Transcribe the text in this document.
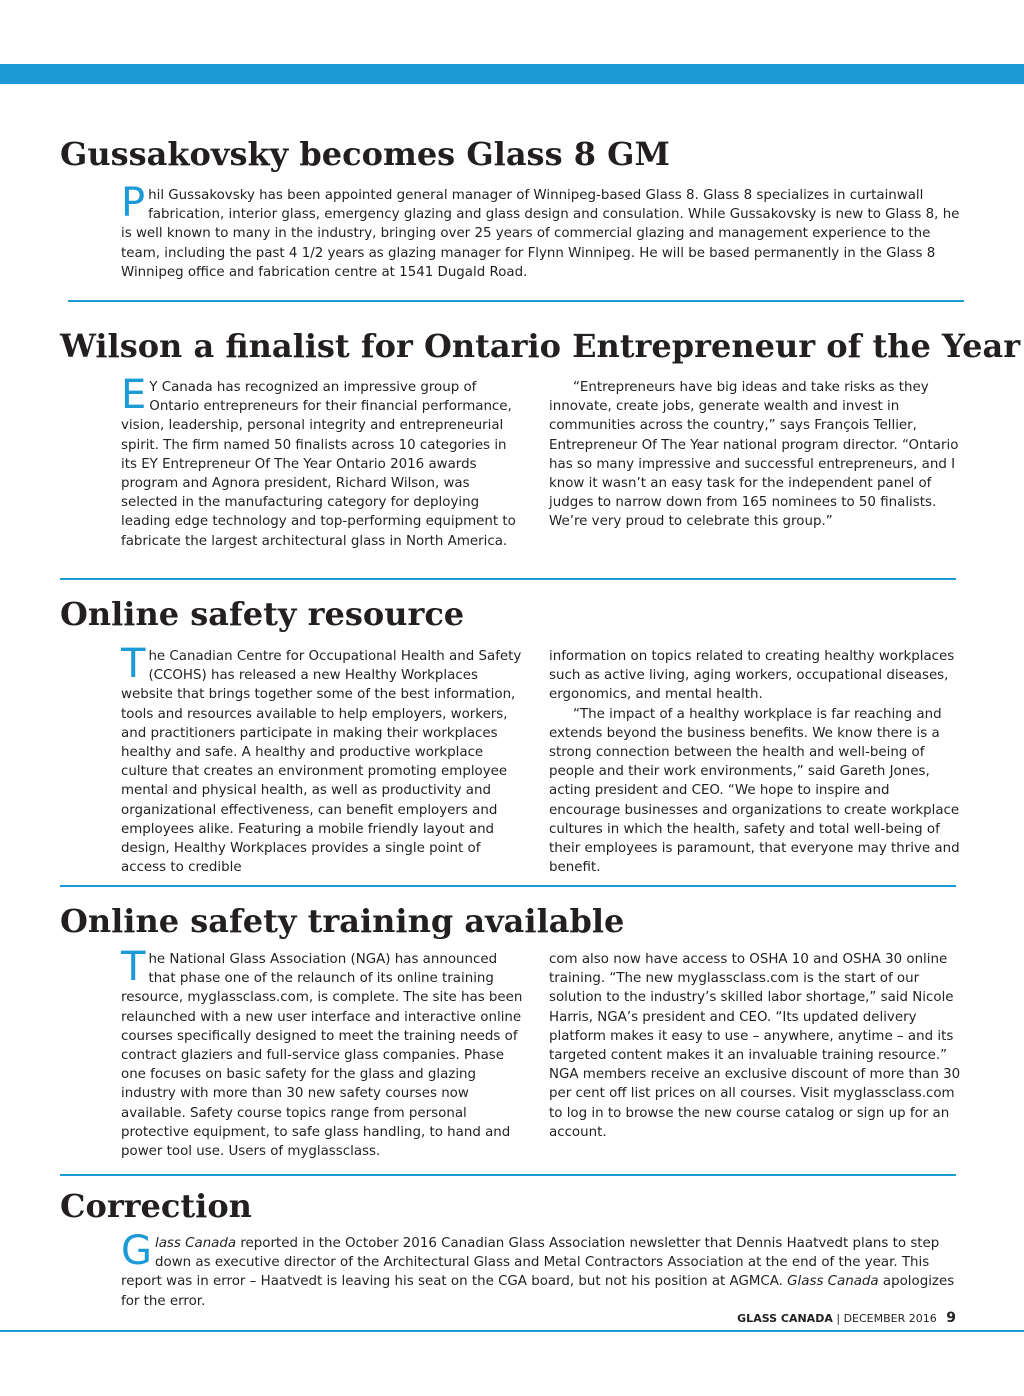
Gussakovsky becomes Glass 8 GM

Phil Gussakovsky has been appointed general manager of Winnipeg-based Glass 8. Glass 8 specializes in curtainwall fabrication, interior glass, emergency glazing and glass design and consulation. While Gussakovsky is new to Glass 8, he is well known to many in the industry, bringing over 25 years of commercial glazing and management experience to the team, including the past 4 1/2 years as glazing manager for Flynn Winnipeg. He will be based permanently in the Glass 8 Winnipeg office and fabrication centre at 1541 Dugald Road.

Wilson a finalist for Ontario Entrepreneur of the Year

E Y Canada has recognized an impressive group of Ontario entrepreneurs for their financial performance, vision, leadership, personal integrity and entrepreneurial spirit. The firm named 50 finalists across 10 categories in its EY Entrepreneur Of The Year Ontario 2016 awards program and Agnora president, Richard Wilson, was selected in the manufacturing category for deploying leading edge technology and top-performing equipment to fabricate the largest architectural glass in North America.

“Entrepreneurs have big ideas and take risks as they innovate, create jobs, generate wealth and invest in communities across the country,” says François Tellier, Entrepreneur Of The Year national program director. “Ontario has so many impressive and successful entrepreneurs, and I know it wasn’t an easy task for the independent panel of judges to narrow down from 165 nominees to 50 finalists. We’re very proud to celebrate this group.”

Online safety resource

The Canadian Centre for Occupational Health and Safety (CCOHS) has released a new Healthy Workplaces website that brings together some of the best information, tools and resources available to help employers, workers, and practitioners participate in making their workplaces healthy and safe. A healthy and productive workplace culture that creates an environment promoting employee mental and physical health, as well as productivity and organizational effectiveness, can benefit employers and employees alike. Featuring a mobile friendly layout and design, Healthy Workplaces provides a single point of access to credible

information on topics related to creating healthy workplaces such as active living, aging workers, occupational diseases, ergonomics, and mental health.
“The impact of a healthy workplace is far reaching and extends beyond the business benefits. We know there is a strong connection between the health and well-being of people and their work environments,” said Gareth Jones, acting president and CEO. “We hope to inspire and encourage businesses and organizations to create workplace cultures in which the health, safety and total well-being of their employees is paramount, that everyone may thrive and benefit.

Online safety training available

The National Glass Association (NGA) has announced that phase one of the relaunch of its online training resource, myglassclass.com, is complete. The site has been relaunched with a new user interface and interactive online courses specifically designed to meet the training needs of contract glaziers and full-service glass companies. Phase one focuses on basic safety for the glass and glazing industry with more than 30 new safety courses now available. Safety course topics range from personal protective equipment, to safe glass handling, to hand and power tool use. Users of myglassclass.

com also now have access to OSHA 10 and OSHA 30 online training. “The new myglassclass.com is the start of our solution to the industry’s skilled labor shortage,” said Nicole Harris, NGA’s president and CEO. “Its updated delivery platform makes it easy to use – anywhere, anytime – and its targeted content makes it an invaluable training resource.” NGA members receive an exclusive discount of more than 30 per cent off list prices on all courses. Visit myglassclass.com to log in to browse the new course catalog or sign up for an account.

Correction

Glass Canada reported in the October 2016 Canadian Glass Association newsletter that Dennis Haatvedt plans to step down as executive director of the Architectural Glass and Metal Contractors Association at the end of the year. This report was in error – Haatvedt is leaving his seat on the CGA board, but not his position at AGMCA. Glass Canada apologizes for the error.

GLASS CANADA | DECEMBER 2016 9
